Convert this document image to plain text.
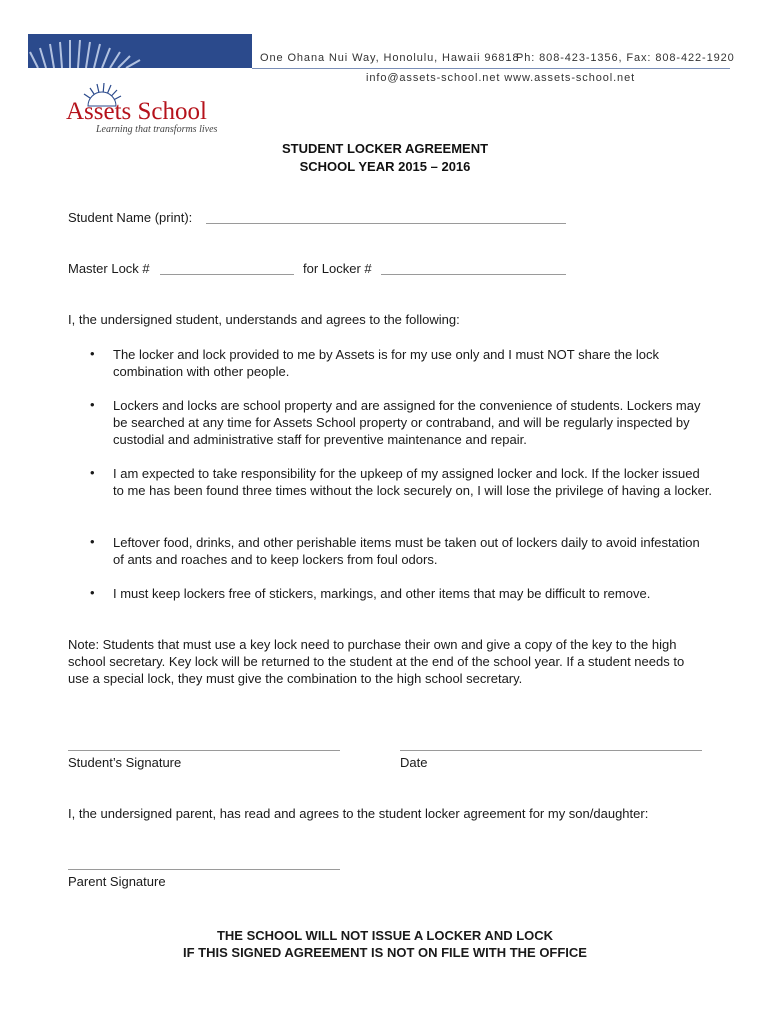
One Ohana Nui Way, Honolulu, Hawaii 96818
Ph: 808-423-1356, Fax: 808-422-1920
info@assets-school.net www.assets-school.net
Assets School
Learning that transforms lives
STUDENT LOCKER AGREEMENT
SCHOOL YEAR 2015 – 2016
Student Name (print):
Master Lock #	for Locker #
I, the undersigned student, understands and agrees to the following:
• The locker and lock provided to me by Assets is for my use only and I must NOT share the lock combination with other people.
• Lockers and locks are school property and are assigned for the convenience of students. Lockers may be searched at any time for Assets School property or contraband, and will be regularly inspected by custodial and administrative staff for preventive maintenance and repair.
• I am expected to take responsibility for the upkeep of my assigned locker and lock. If the locker issued to me has been found three times without the lock securely on, I will lose the privilege of having a locker.
• Leftover food, drinks, and other perishable items must be taken out of lockers daily to avoid infestation of ants and roaches and to keep lockers from foul odors.
• I must keep lockers free of stickers, markings, and other items that may be difficult to remove.
Note: Students that must use a key lock need to purchase their own and give a copy of the key to the high school secretary. Key lock will be returned to the student at the end of the school year. If a student needs to use a special lock, they must give the combination to the high school secretary.
Student’s Signature	Date
I, the undersigned parent, has read and agrees to the student locker agreement for my son/daughter:
Parent Signature
THE SCHOOL WILL NOT ISSUE A LOCKER AND LOCK
IF THIS SIGNED AGREEMENT IS NOT ON FILE WITH THE OFFICE
